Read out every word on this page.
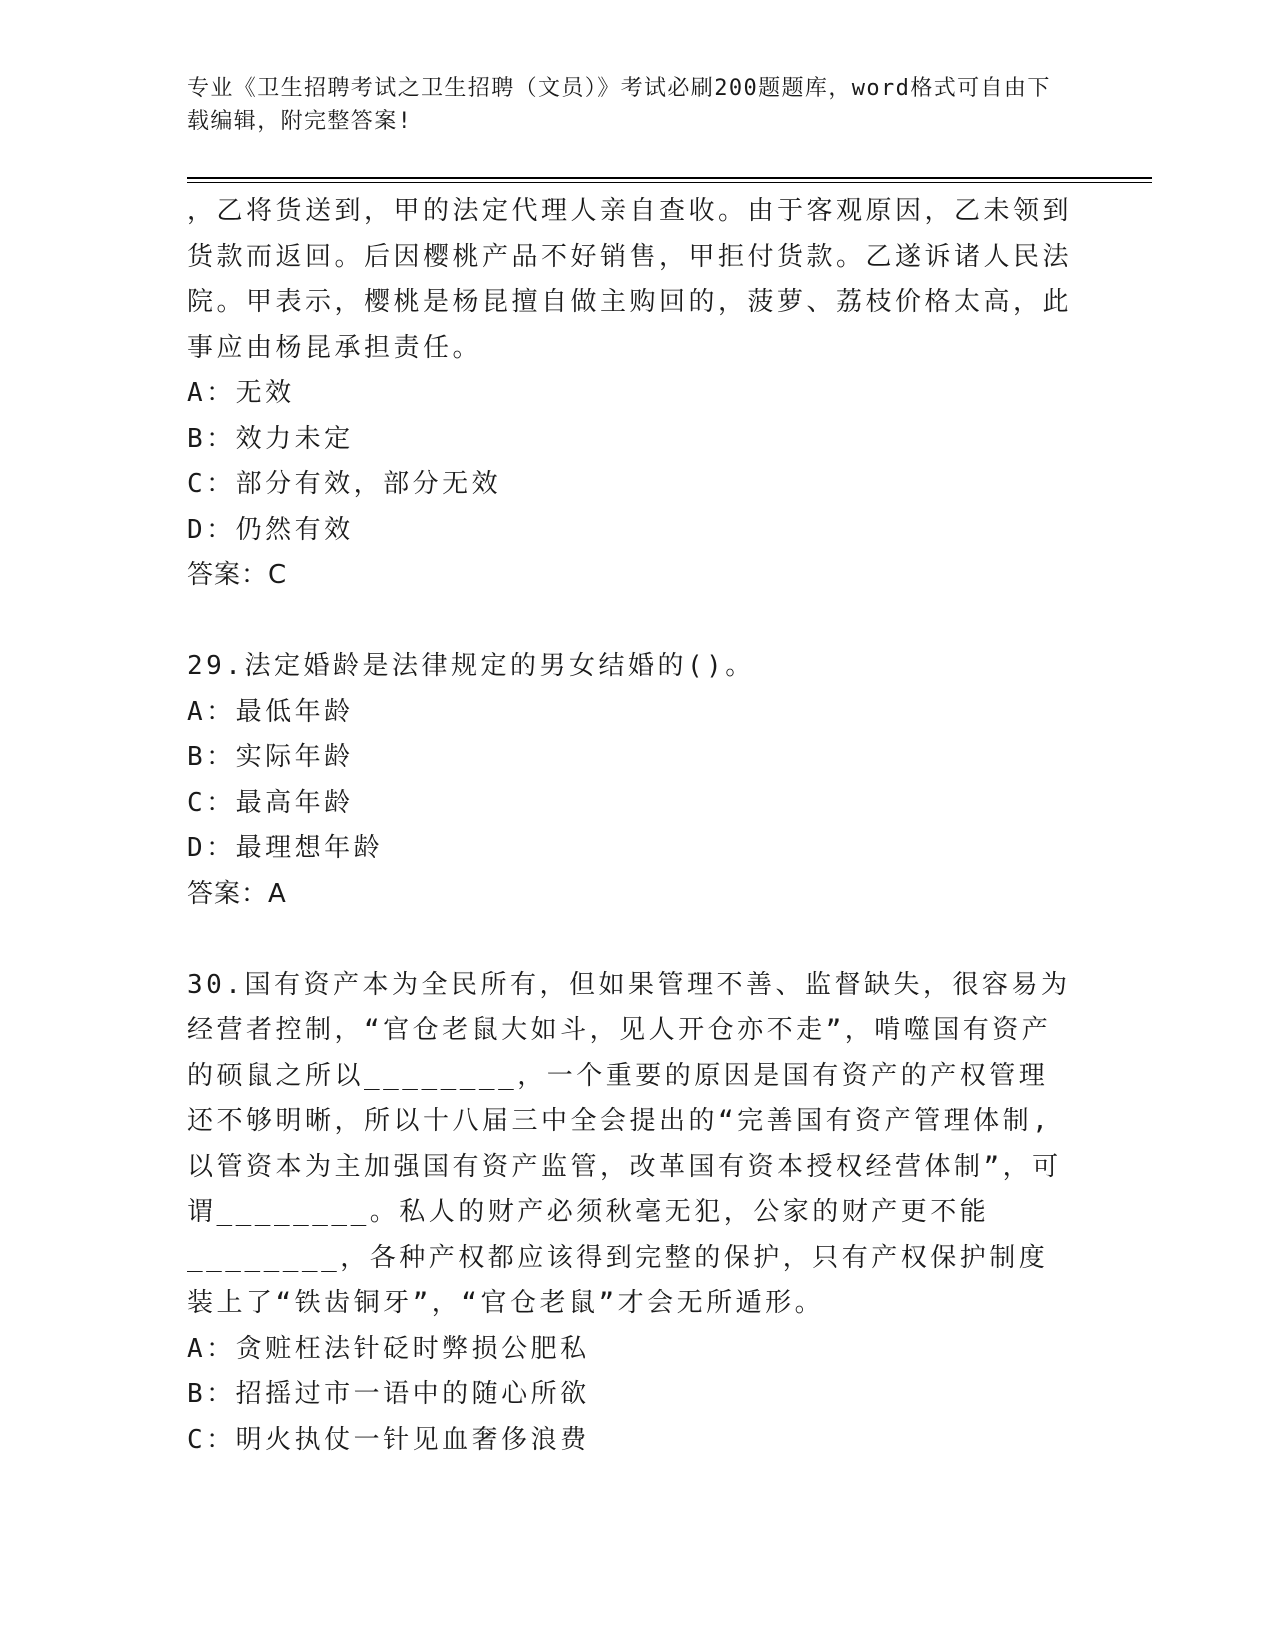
专业《卫生招聘考试之卫生招聘（文员）》考试必刷200题题库，word格式可自由下载编辑，附完整答案!

，乙将货送到，甲的法定代理人亲自查收。由于客观原因，乙未领到货款而返回。后因樱桃产品不好销售，甲拒付货款。乙遂诉诸人民法院。甲表示，樱桃是杨昆擅自做主购回的，菠萝、荔枝价格太高，此事应由杨昆承担责任。

A：无效

B：效力未定

C：部分有效，部分无效

D：仍然有效

答案：C

29.法定婚龄是法律规定的男女结婚的()。

A：最低年龄

B：实际年龄

C：最高年龄

D：最理想年龄

答案：A

30.国有资产本为全民所有，但如果管理不善、监督缺失，很容易为经营者控制，“官仓老鼠大如斗，见人开仓亦不走”，啃噬国有资产的硕鼠之所以________，一个重要的原因是国有资产的产权管理还不够明晰，所以十八届三中全会提出的“完善国有资产管理体制,以管资本为主加强国有资产监管，改革国有资本授权经营体制”，可谓________。私人的财产必须秋毫无犯，公家的财产更不能________，各种产权都应该得到完整的保护，只有产权保护制度装上了“铁齿铜牙”，“官仓老鼠”才会无所遁形。

A：贪赃枉法针砭时弊损公肥私

B：招摇过市一语中的随心所欲

C：明火执仗一针见血奢侈浪费
